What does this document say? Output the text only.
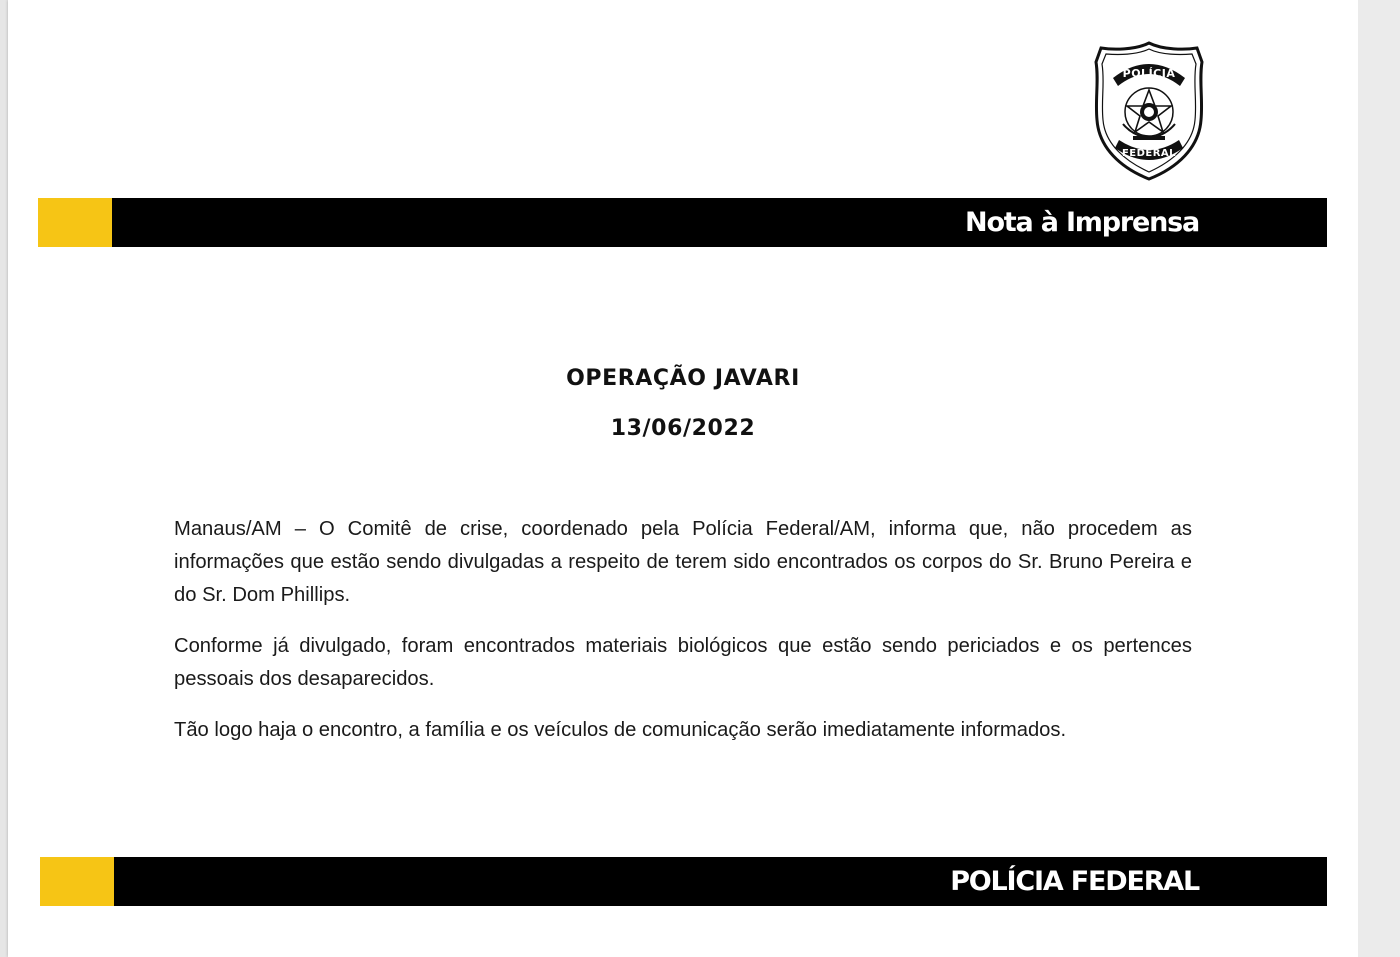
POLÍCIA
FEDERAL
Nota à Imprensa
OPERAÇÃO JAVARI
13/06/2022

Manaus/AM – O Comitê de crise, coordenado pela Polícia Federal/AM, informa que, não procedem as informações que estão sendo divulgadas a respeito de terem sido encontrados os corpos do Sr. Bruno Pereira e do Sr. Dom Phillips.

Conforme já divulgado, foram encontrados materiais biológicos que estão sendo periciados e os pertences pessoais dos desaparecidos.

Tão logo haja o encontro, a família e os veículos de comunicação serão imediatamente informados.

POLÍCIA FEDERAL
